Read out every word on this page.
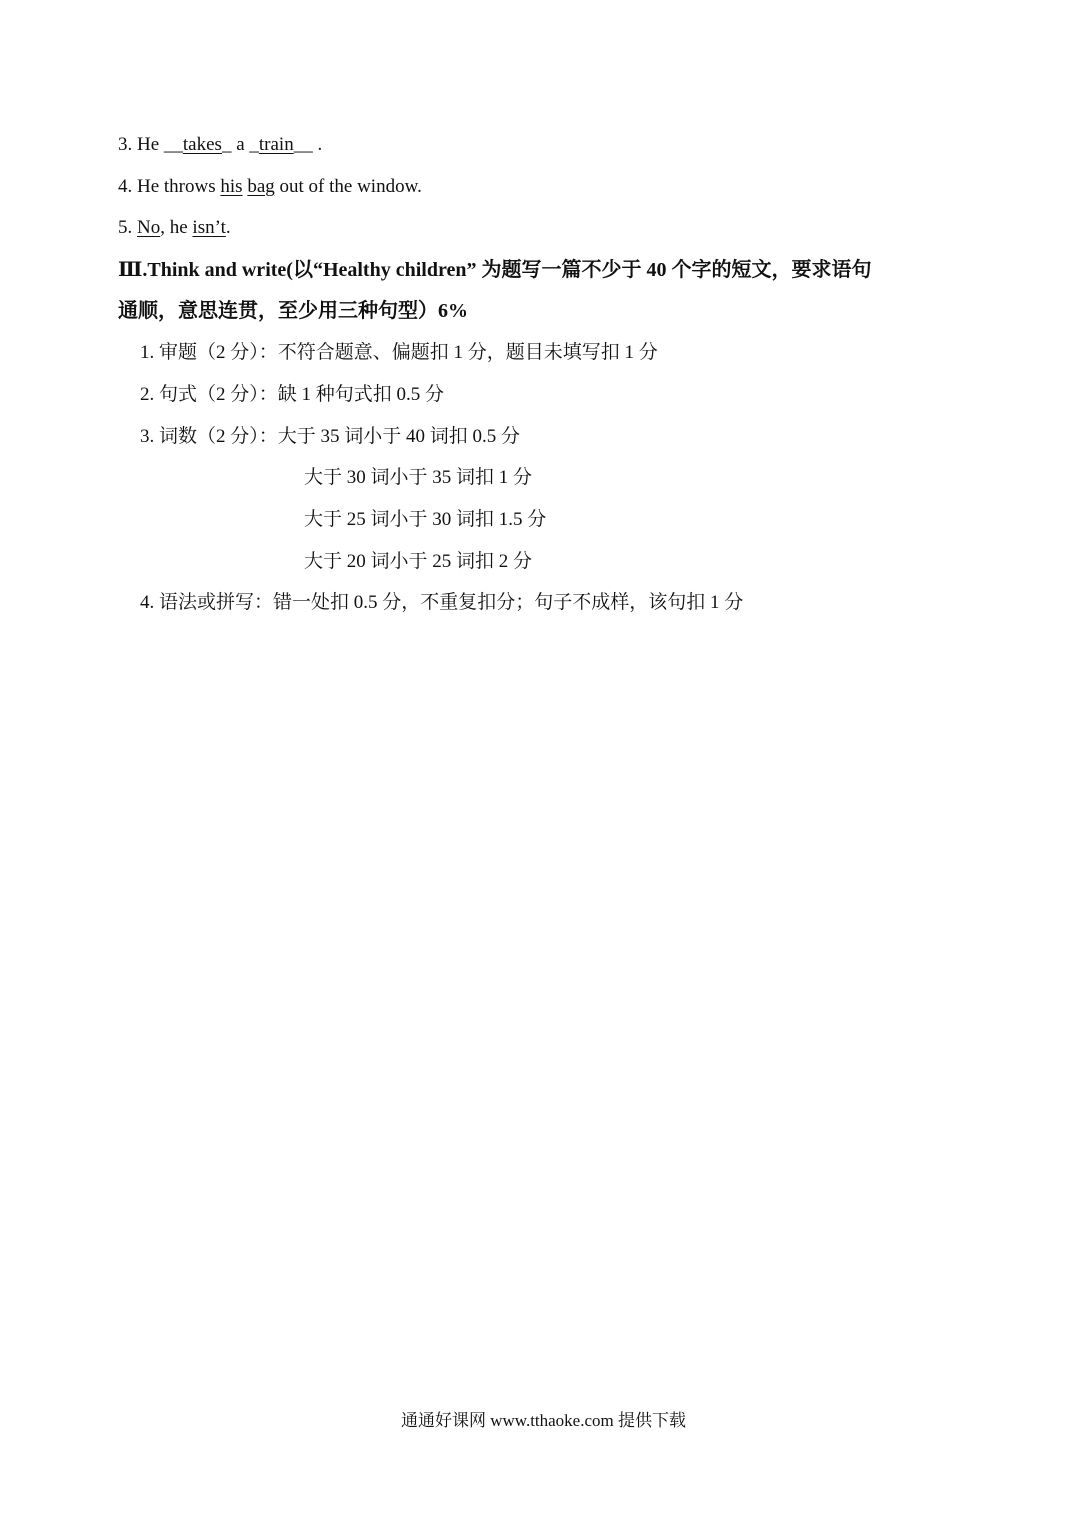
3. He __takes_ a _train__ .
4. He throws his bag out of the window.
5. No, he isn’t.
Ⅲ.Think and write(以“Healthy children” 为题写一篇不少于 40 个字的短文，要求语句
通顺，意思连贯，至少用三种句型）6%
1. 审题（2 分）：不符合题意、偏题扣 1 分，题目未填写扣 1 分
2. 句式（2 分）：缺 1 种句式扣 0.5 分
3. 词数（2 分）：大于 35 词小于 40 词扣 0.5 分
大于 30 词小于 35 词扣 1 分
大于 25 词小于 30 词扣 1.5 分
大于 20 词小于 25 词扣 2 分
4. 语法或拼写：错一处扣 0.5 分，不重复扣分；句子不成样，该句扣 1 分
通通好课网 www.tthaoke.com 提供下载
